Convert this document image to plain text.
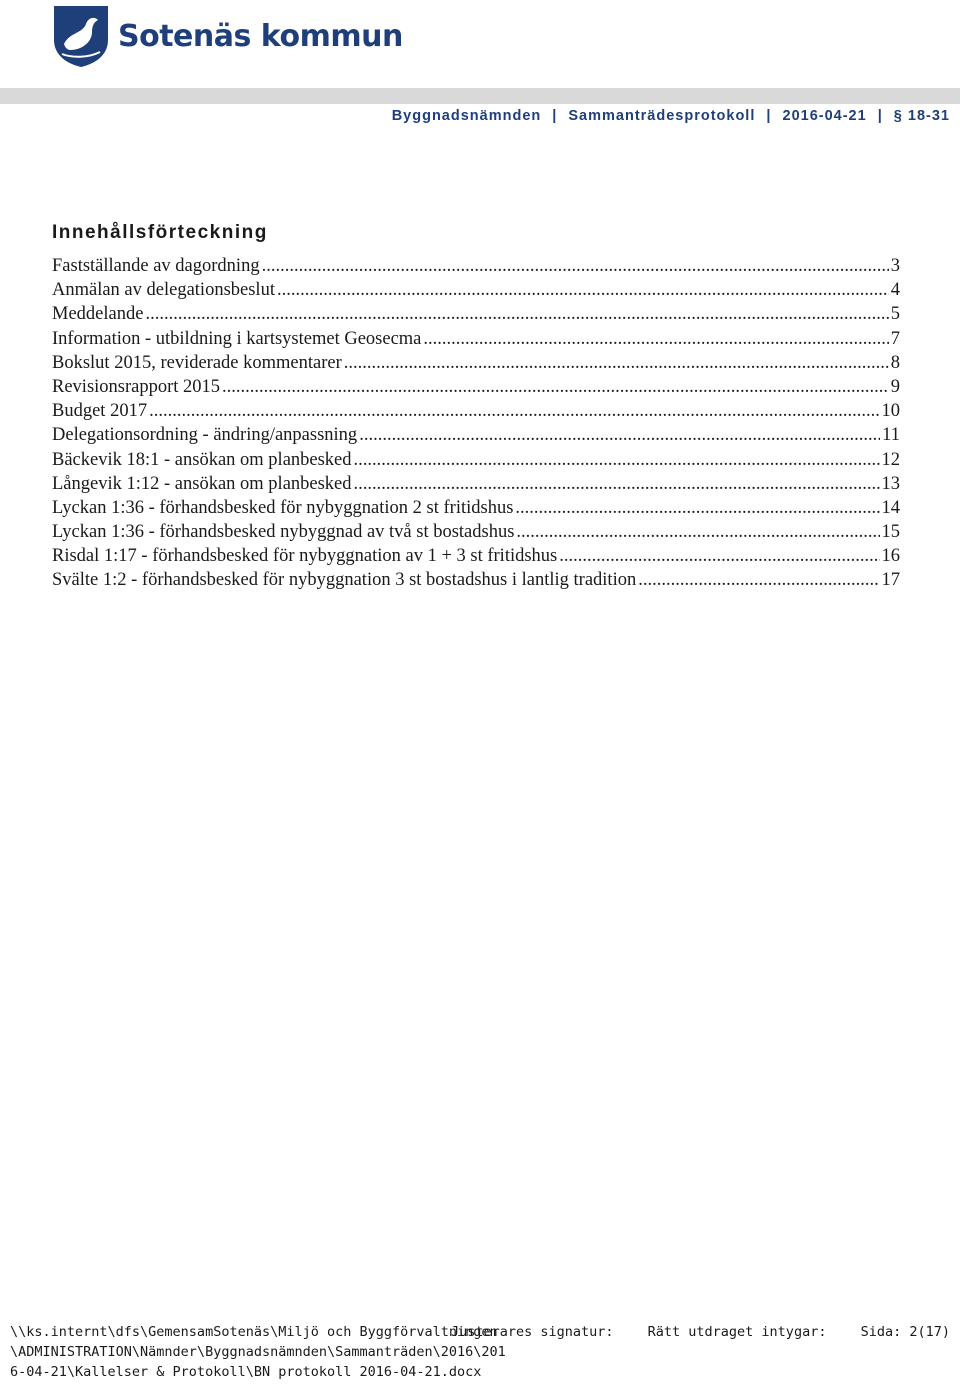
Sotenäs kommun
Byggnadsnämnden | Sammanträdesprotokoll | 2016-04-21 | § 18-31
Innehållsförteckning
Fastställande av dagordning .....	3
Anmälan av delegationsbeslut .....	4
Meddelande .....	5
Information - utbildning i kartsystemet Geosecma .....	7
Bokslut 2015, reviderade kommentarer .....	8
Revisionsrapport 2015 .....	9
Budget 2017 .....	10
Delegationsordning - ändring/anpassning .....	11
Bäckevik 18:1 - ansökan om planbesked .....	12
Långevik 1:12 - ansökan om planbesked .....	13
Lyckan 1:36 - förhandsbesked för nybyggnation 2 st fritidshus .....	14
Lyckan 1:36 - förhandsbesked nybyggnad av två st bostadshus .....	15
Risdal 1:17 - förhandsbesked för nybyggnation av 1 + 3 st fritidshus .....	16
Svälte 1:2 - förhandsbesked för nybyggnation 3 st bostadshus i lantlig tradition .....	17
\\ks.internt\dfs\GemensamSotenäs\Miljö och Byggförvaltningen\ADMINISTRATION\Nämnder\Byggnadsnämnden\Sammanträden\2016\2016-04-21\Kallelser & Protokoll\BN protokoll 2016-04-21.docx
Justerares signatur:	Rätt utdraget intygar:	Sida: 2(17)
